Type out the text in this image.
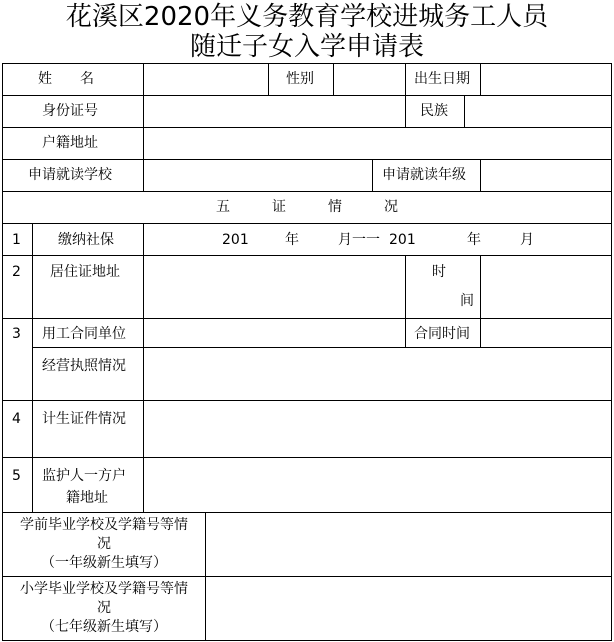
花溪区2020年义务教育学校进城务工人员
随迁子女入学申请表
姓　　名	性别	出生日期
身份证号	民族
户籍地址
申请就读学校	申请就读年级
五　　　证　　　情　　　况
1	缴纳社保	201	年	月一一 201	年	月
2 居住证地址	时
间
3 用工合同单位	合同时间
经营执照情况
4 计生证件情况
5 监护人一方户
籍地址
学前毕业学校及学籍号等情
况
（一年级新生填写）
小学毕业学校及学籍号等情
况
（七年级新生填写）
